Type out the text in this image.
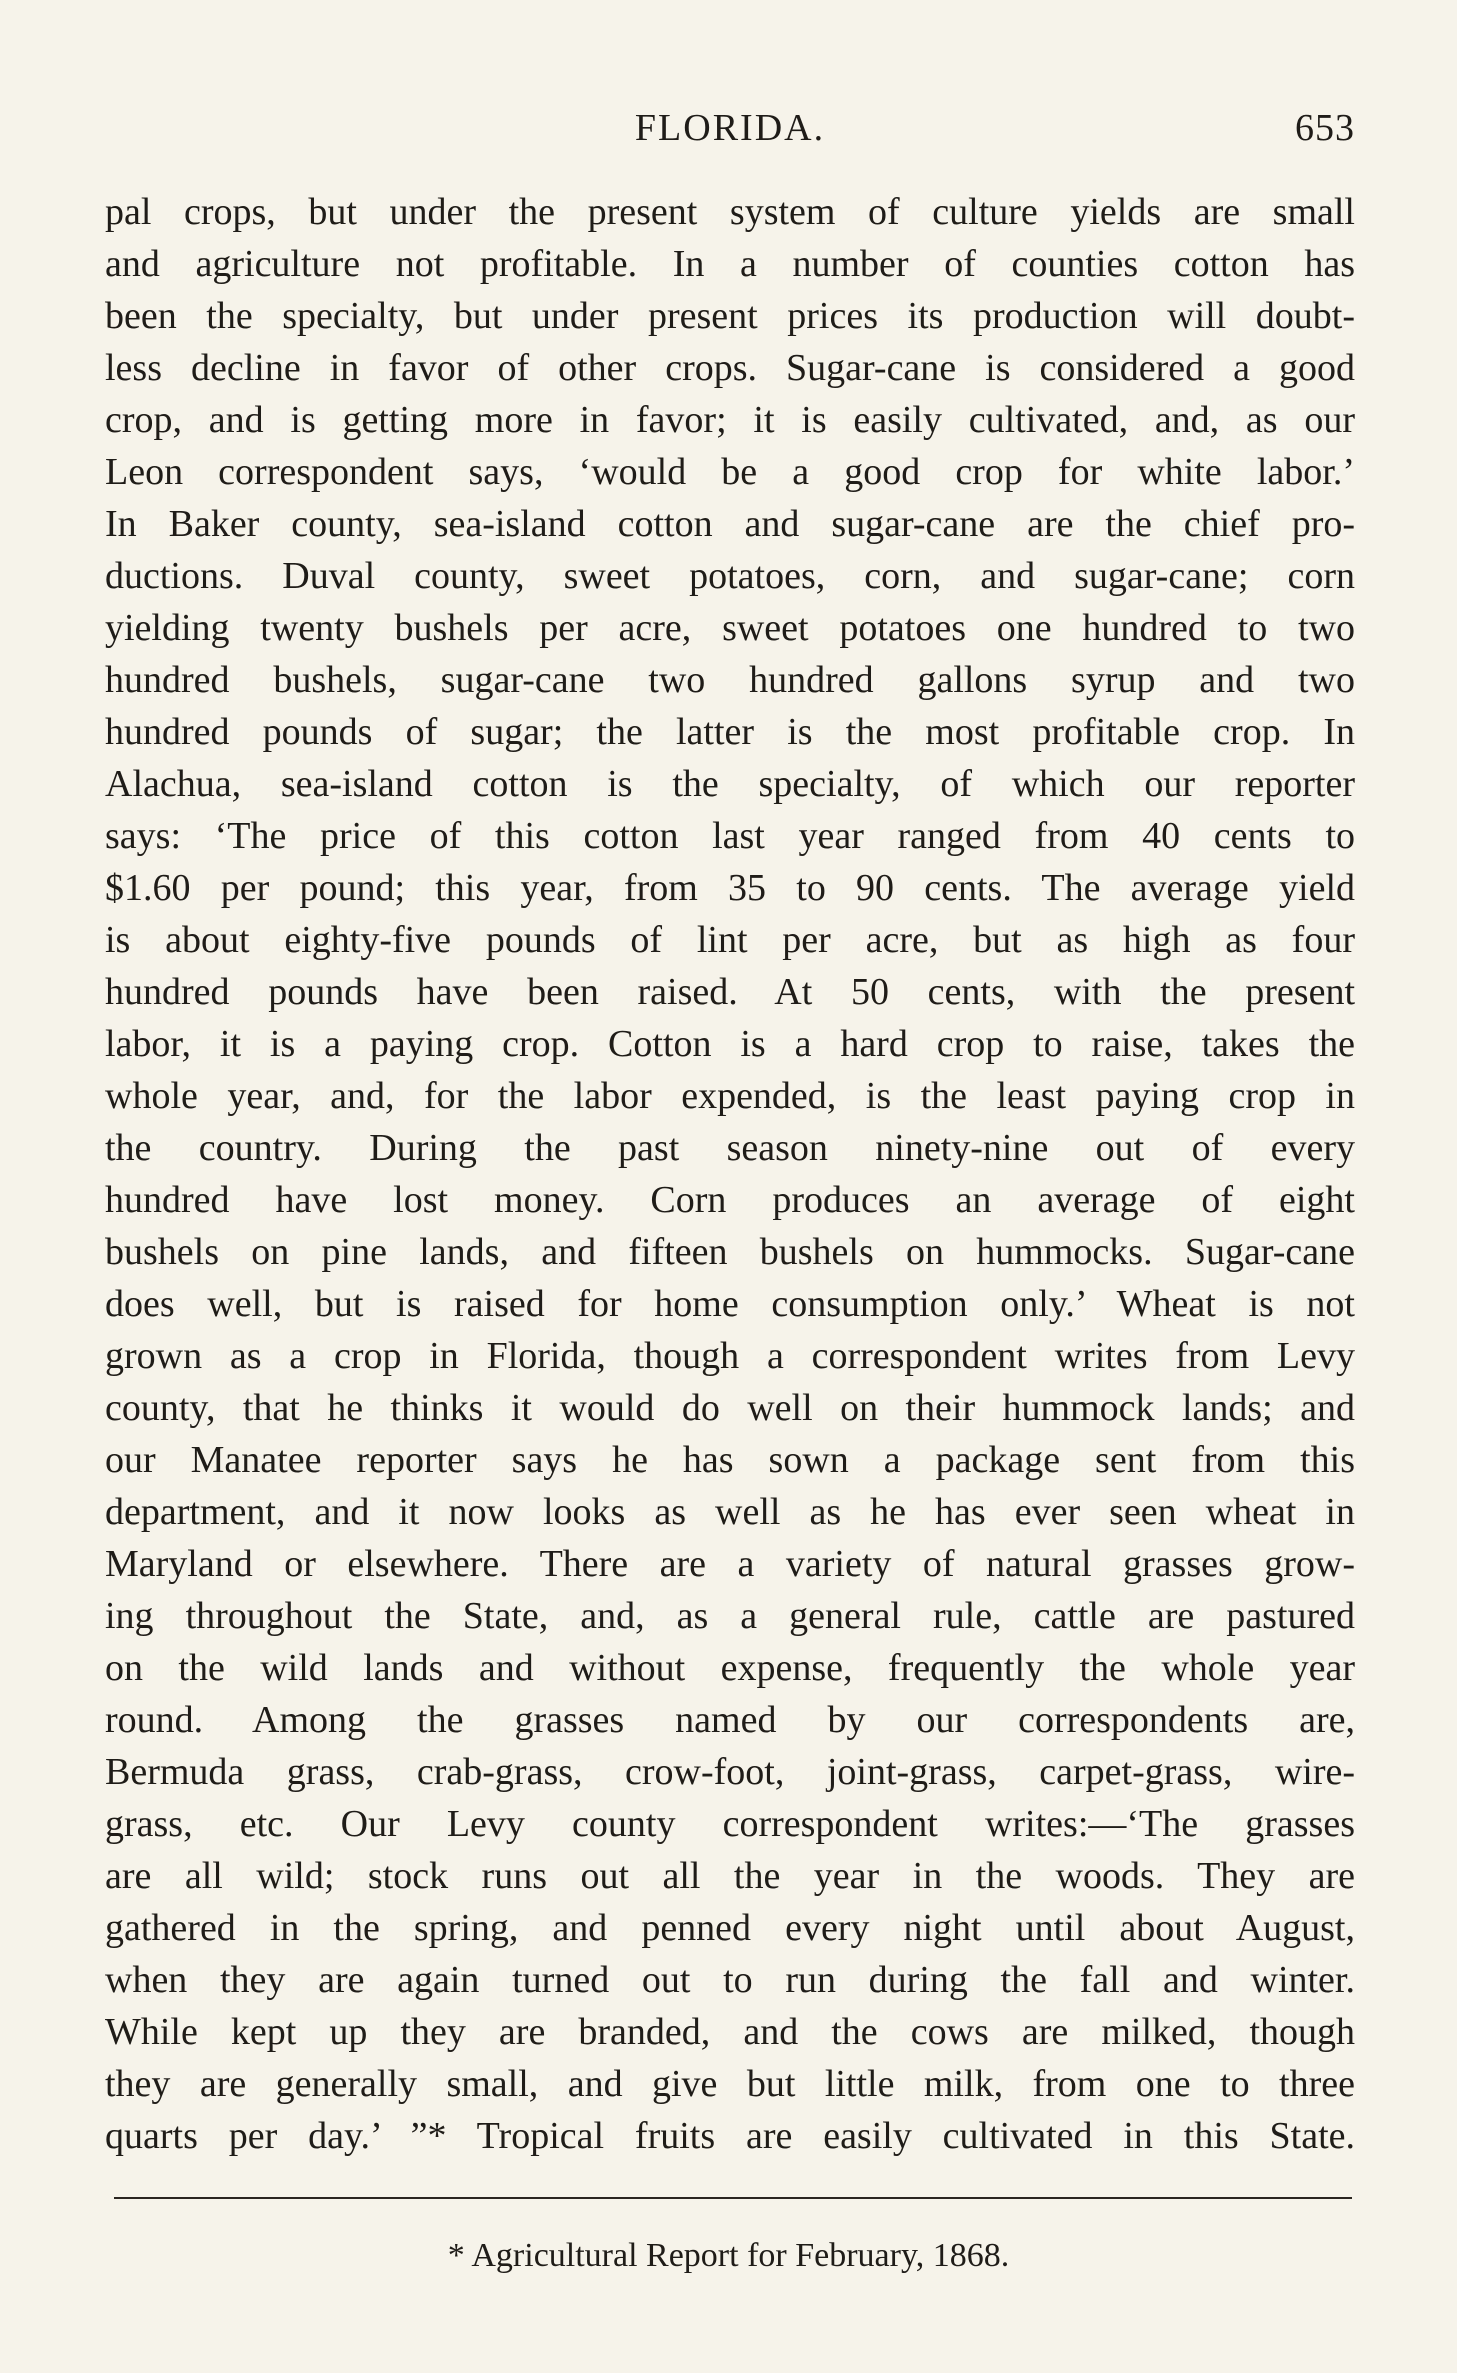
FLORIDA.	653
pal crops, but under the present system of culture yields are small
and agriculture not profitable. In a number of counties cotton has
been the specialty, but under present prices its production will doubt-
less decline in favor of other crops. Sugar-cane is considered a good
crop, and is getting more in favor; it is easily cultivated, and, as our
Leon correspondent says, ‘would be a good crop for white labor.’
In Baker county, sea-island cotton and sugar-cane are the chief pro-
ductions. Duval county, sweet potatoes, corn, and sugar-cane; corn
yielding twenty bushels per acre, sweet potatoes one hundred to two
hundred bushels, sugar-cane two hundred gallons syrup and two
hundred pounds of sugar; the latter is the most profitable crop. In
Alachua, sea-island cotton is the specialty, of which our reporter
says: ‘The price of this cotton last year ranged from 40 cents to
$1.60 per pound; this year, from 35 to 90 cents. The average yield
is about eighty-five pounds of lint per acre, but as high as four
hundred pounds have been raised. At 50 cents, with the present
labor, it is a paying crop. Cotton is a hard crop to raise, takes the
whole year, and, for the labor expended, is the least paying crop in
the country. During the past season ninety-nine out of every
hundred have lost money. Corn produces an average of eight
bushels on pine lands, and fifteen bushels on hummocks. Sugar-cane
does well, but is raised for home consumption only.’ Wheat is not
grown as a crop in Florida, though a correspondent writes from Levy
county, that he thinks it would do well on their hummock lands; and
our Manatee reporter says he has sown a package sent from this
department, and it now looks as well as he has ever seen wheat in
Maryland or elsewhere. There are a variety of natural grasses grow-
ing throughout the State, and, as a general rule, cattle are pastured
on the wild lands and without expense, frequently the whole year
round. Among the grasses named by our correspondents are,
Bermuda grass, crab-grass, crow-foot, joint-grass, carpet-grass, wire-
grass, etc. Our Levy county correspondent writes:—‘The grasses
are all wild; stock runs out all the year in the woods. They are
gathered in the spring, and penned every night until about August,
when they are again turned out to run during the fall and winter.
While kept up they are branded, and the cows are milked, though
they are generally small, and give but little milk, from one to three
quarts per day.’ ”* Tropical fruits are easily cultivated in this State.
* Agricultural Report for February, 1868.
